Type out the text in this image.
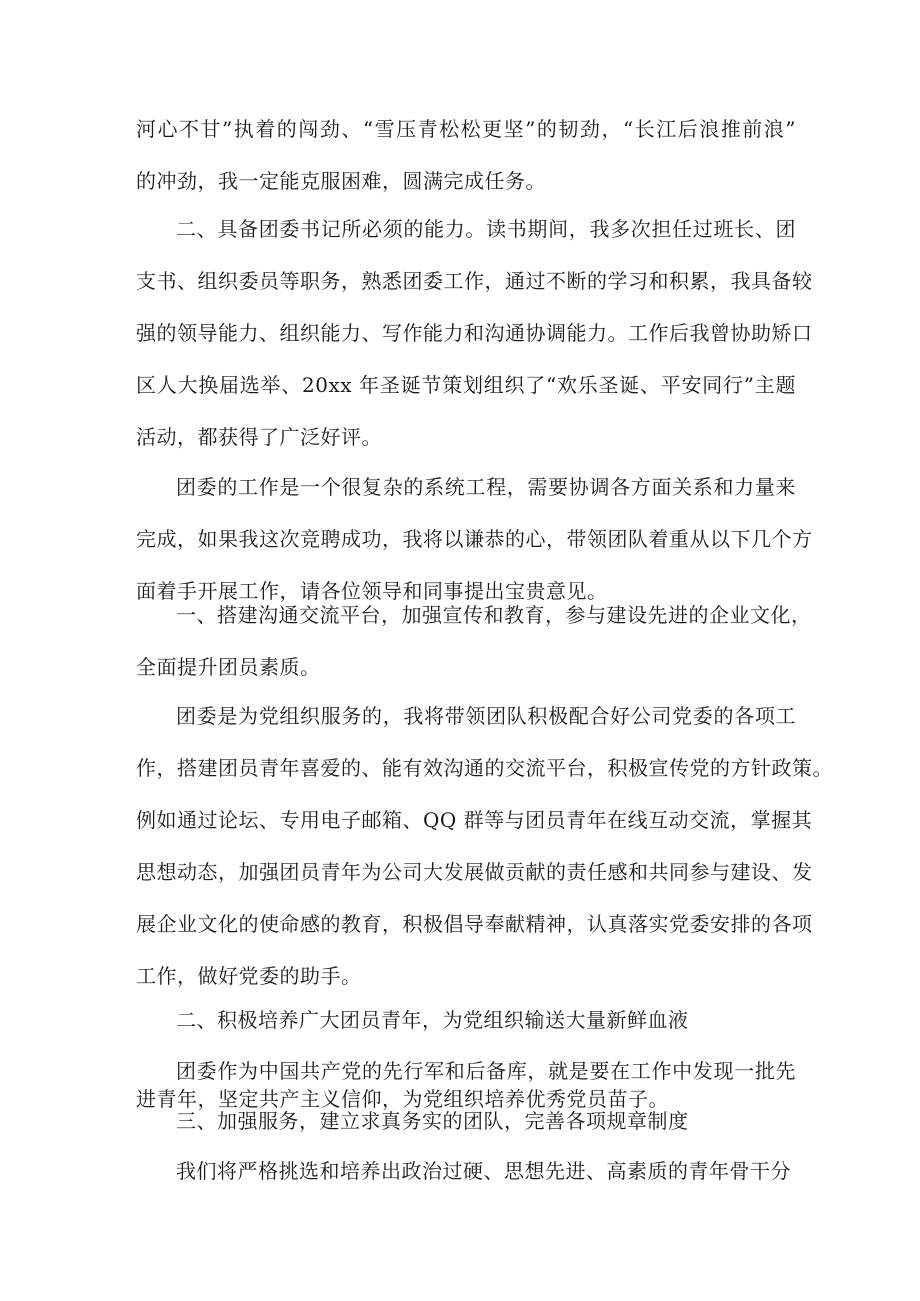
河心不甘”执着的闯劲、“雪压青松松更坚”的韧劲，“长江后浪推前浪”
的冲劲，我一定能克服困难，圆满完成任务。

二、具备团委书记所必须的能力。读书期间，我多次担任过班长、团
支书、组织委员等职务，熟悉团委工作，通过不断的学习和积累，我具备较
强的领导能力、组织能力、写作能力和沟通协调能力。工作后我曾协助矫口
区人大换届选举、20xx 年圣诞节策划组织了“欢乐圣诞、平安同行”主题
活动，都获得了广泛好评。

团委的工作是一个很复杂的系统工程，需要协调各方面关系和力量来
完成，如果我这次竞聘成功，我将以谦恭的心，带领团队着重从以下几个方
面着手开展工作，请各位领导和同事提出宝贵意见。

一、搭建沟通交流平台，加强宣传和教育，参与建设先进的企业文化，
全面提升团员素质。

团委是为党组织服务的，我将带领团队积极配合好公司党委的各项工
作，搭建团员青年喜爱的、能有效沟通的交流平台，积极宣传党的方针政策。
例如通过论坛、专用电子邮箱、QQ 群等与团员青年在线互动交流，掌握其
思想动态，加强团员青年为公司大发展做贡献的责任感和共同参与建设、发
展企业文化的使命感的教育，积极倡导奉献精神，认真落实党委安排的各项
工作，做好党委的助手。

二、积极培养广大团员青年，为党组织输送大量新鲜血液

团委作为中国共产党的先行军和后备库，就是要在工作中发现一批先
进青年，坚定共产主义信仰，为党组织培养优秀党员苗子。

三、加强服务，建立求真务实的团队，完善各项规章制度

我们将严格挑选和培养出政治过硬、思想先进、高素质的青年骨干分
